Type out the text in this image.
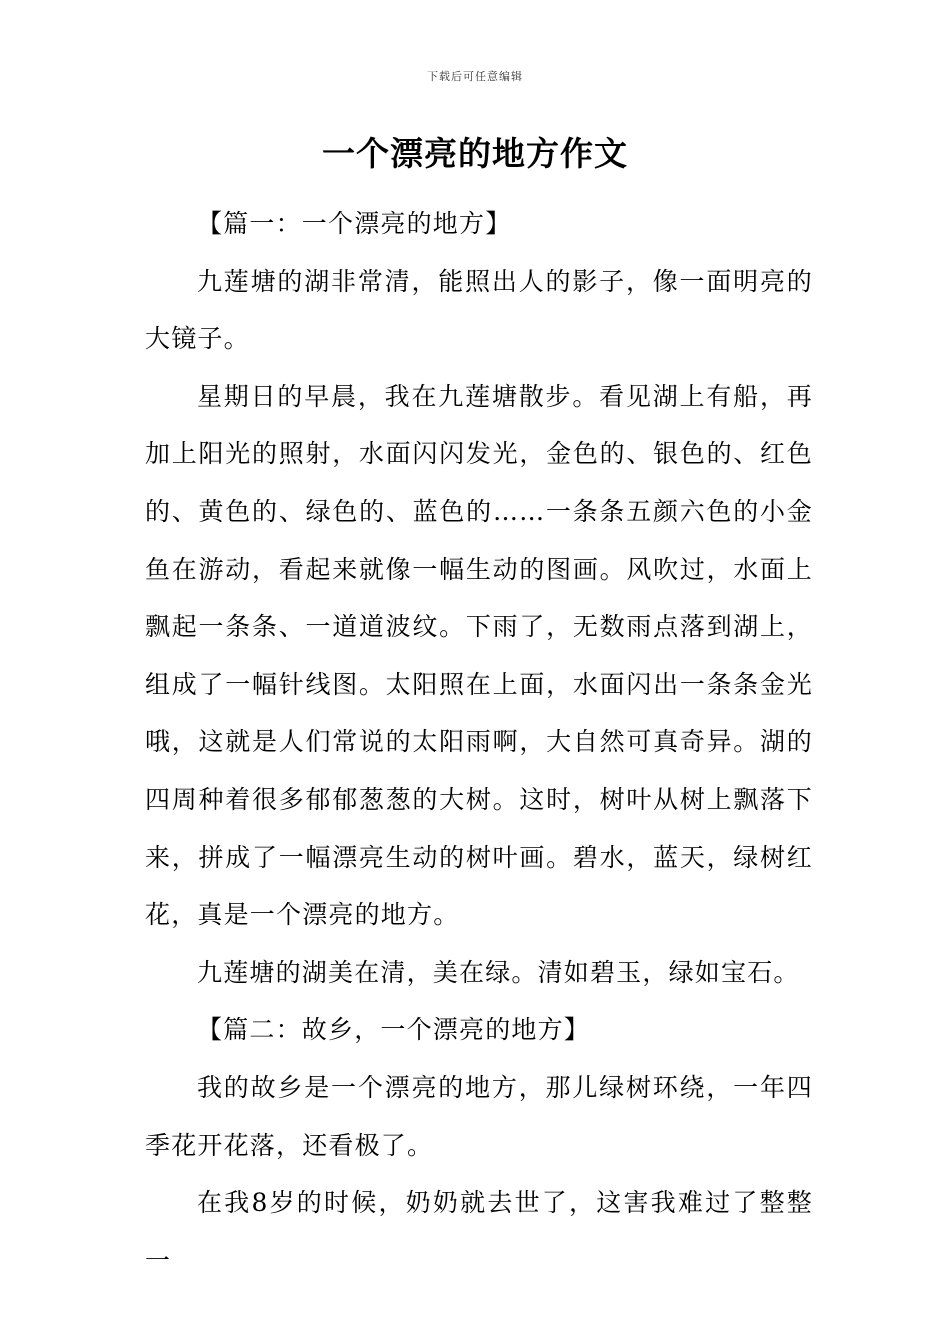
下载后可任意编辑
一个漂亮的地方作文

【篇一：一个漂亮的地方】

九莲塘的湖非常清，能照出人的影子，像一面明亮的大镜子。

星期日的早晨，我在九莲塘散步。看见湖上有船，再加上阳光的照射，水面闪闪发光，金色的、银色的、红色的、黄色的、绿色的、蓝色的……一条条五颜六色的小金鱼在游动，看起来就像一幅生动的图画。风吹过，水面上飘起一条条、一道道波纹。下雨了，无数雨点落到湖上，组成了一幅针线图。太阳照在上面，水面闪出一条条金光哦，这就是人们常说的太阳雨啊，大自然可真奇异。湖的四周种着很多郁郁葱葱的大树。这时，树叶从树上飘落下来，拼成了一幅漂亮生动的树叶画。碧水，蓝天，绿树红花，真是一个漂亮的地方。

九莲塘的湖美在清，美在绿。清如碧玉，绿如宝石。

【篇二：故乡，一个漂亮的地方】

我的故乡是一个漂亮的地方，那儿绿树环绕，一年四季花开花落，还看极了。

在我8岁的时候，奶奶就去世了，这害我难过了整整一
